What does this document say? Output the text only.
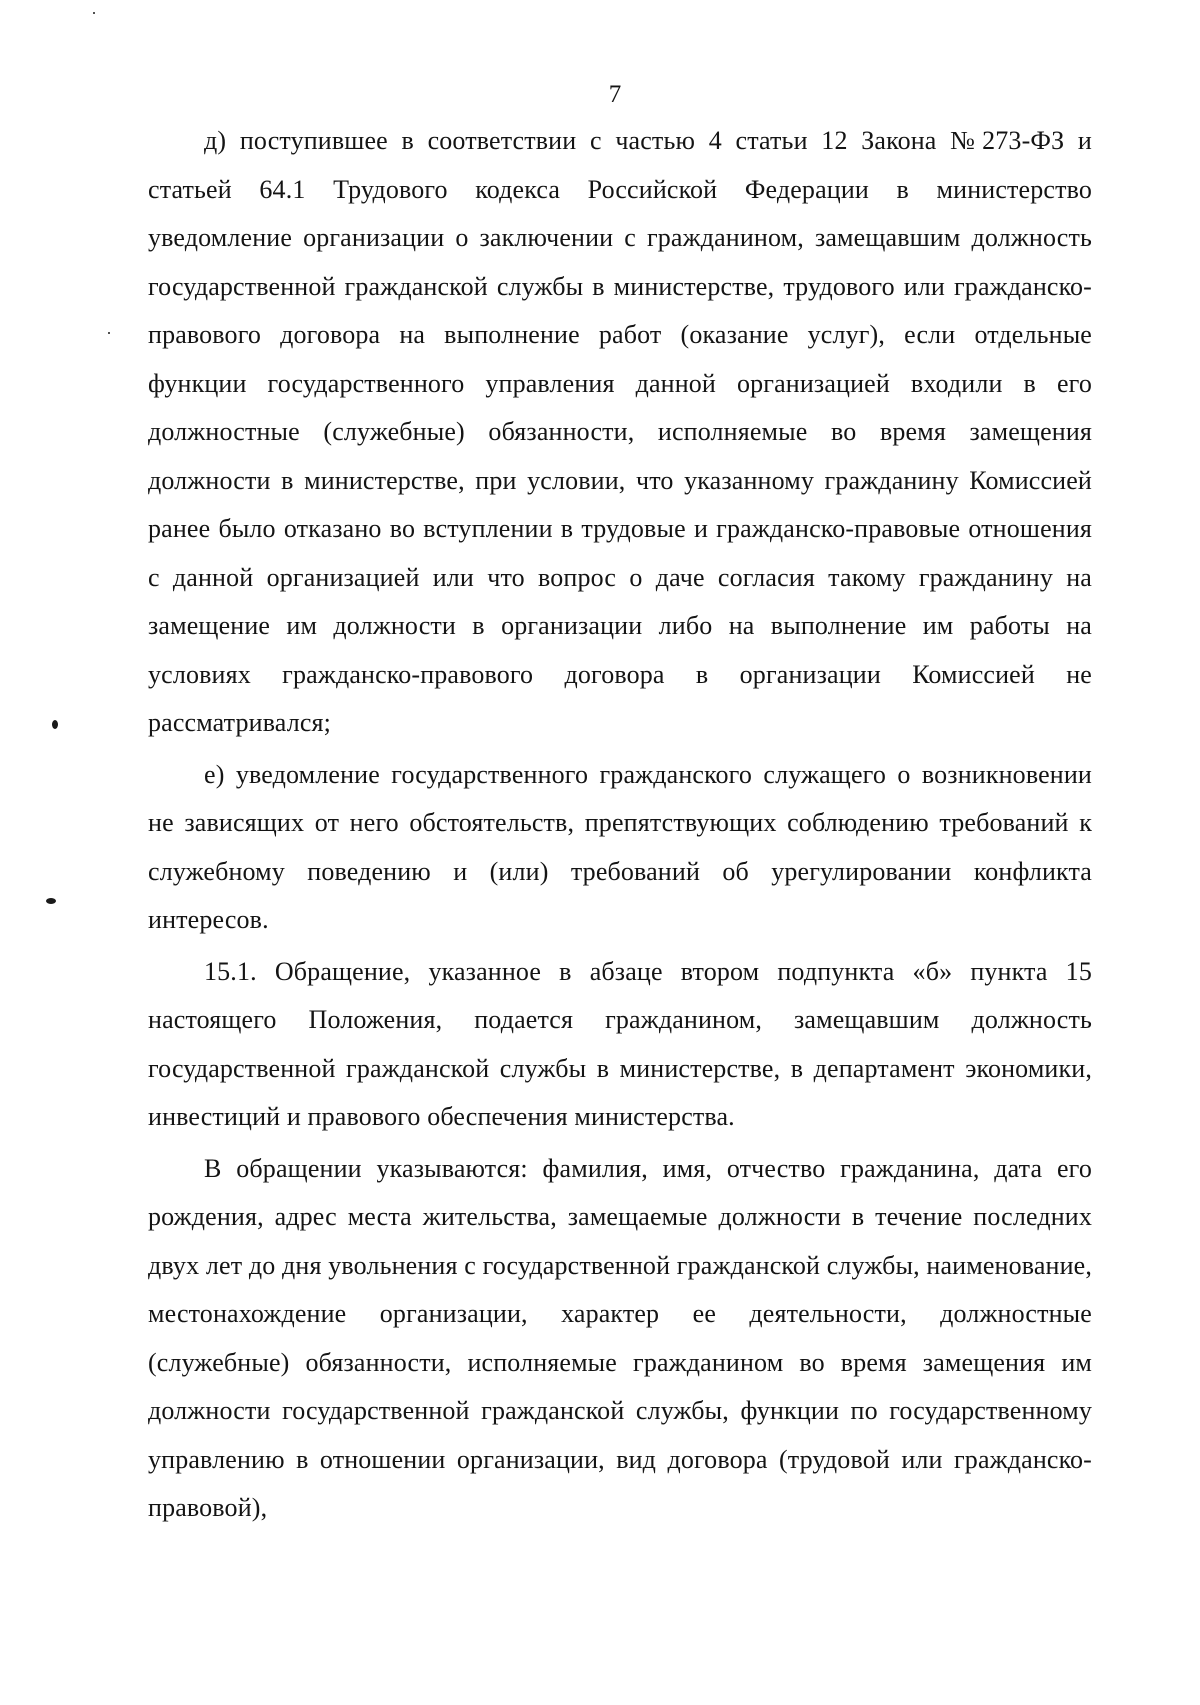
7

д) поступившее в соответствии с частью 4 статьи 12 Закона №273-ФЗ и статьей 64.1 Трудового кодекса Российской Федерации в министерство уведомление организации о заключении с гражданином, замещавшим должность государственной гражданской службы в министерстве, трудового или гражданско-правового договора на выполнение работ (оказание услуг), если отдельные функции государственного управления данной организацией входили в его должностные (служебные) обязанности, исполняемые во время замещения должности в министерстве, при условии, что указанному гражданину Комиссией ранее было отказано во вступлении в трудовые и гражданско-правовые отношения с данной организацией или что вопрос о даче согласия такому гражданину на замещение им должности в организации либо на выполнение им работы на условиях гражданско-правового договора в организации Комиссией не рассматривался;

е) уведомление государственного гражданского служащего о возникновении не зависящих от него обстоятельств, препятствующих соблюдению требований к служебному поведению и (или) требований об урегулировании конфликта интересов.

15.1. Обращение, указанное в абзаце втором подпункта «б» пункта 15 настоящего Положения, подается гражданином, замещавшим должность государственной гражданской службы в министерстве, в департамент экономики, инвестиций и правового обеспечения министерства.

В обращении указываются: фамилия, имя, отчество гражданина, дата его рождения, адрес места жительства, замещаемые должности в течение последних двух лет до дня увольнения с государственной гражданской службы, наименование, местонахождение организации, характер ее деятельности, должностные (служебные) обязанности, исполняемые гражданином во время замещения им должности государственной гражданской службы, функции по государственному управлению в отношении организации, вид договора (трудовой или гражданско-правовой),
